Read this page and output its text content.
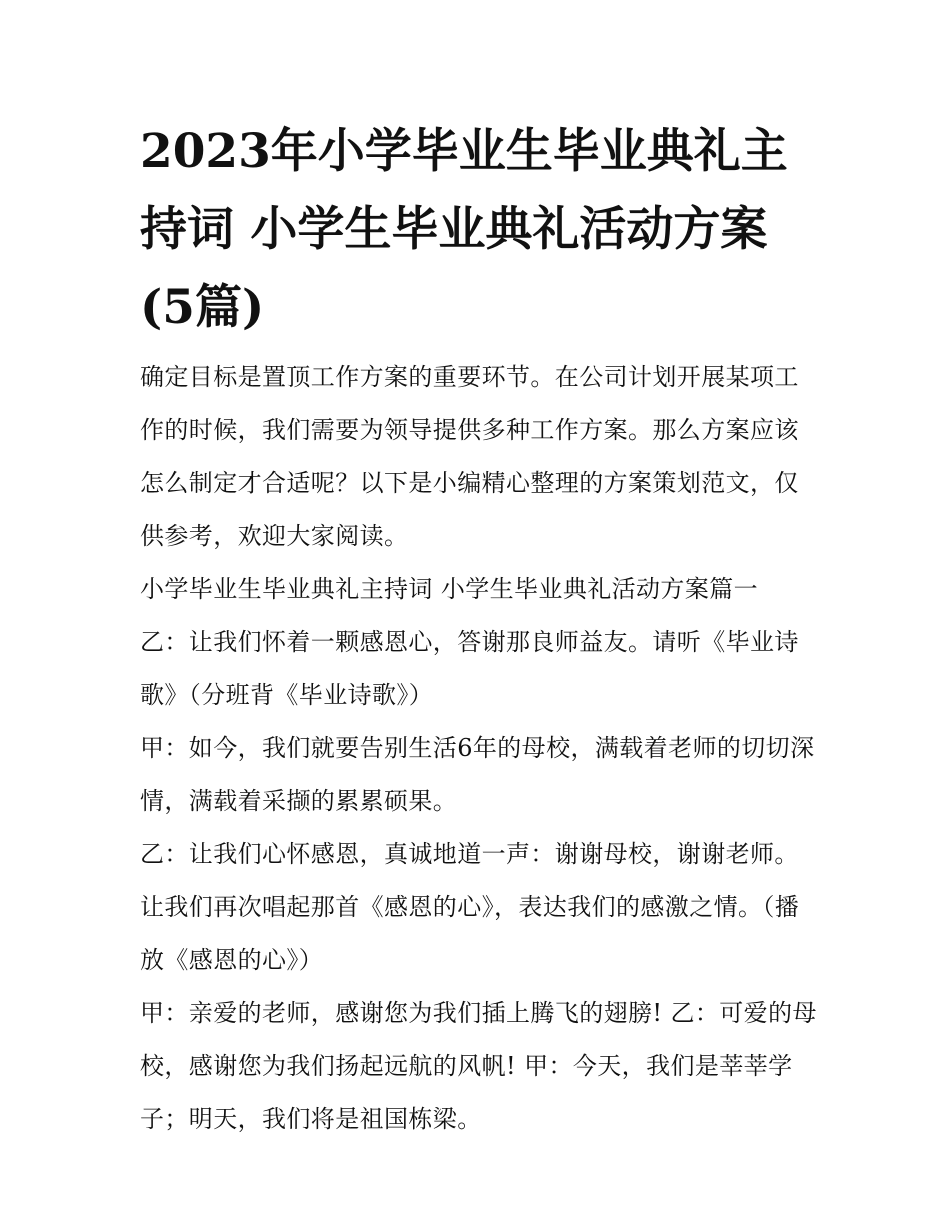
2023年小学毕业生毕业典礼主持词 小学生毕业典礼活动方案(5篇)

确定目标是置顶工作方案的重要环节。在公司计划开展某项工作的时候，我们需要为领导提供多种工作方案。那么方案应该怎么制定才合适呢？以下是小编精心整理的方案策划范文，仅供参考，欢迎大家阅读。

小学毕业生毕业典礼主持词 小学生毕业典礼活动方案篇一

乙：让我们怀着一颗感恩心，答谢那良师益友。请听《毕业诗歌》（分班背《毕业诗歌》）

甲：如今，我们就要告别生活6年的母校，满载着老师的切切深情，满载着采撷的累累硕果。

乙：让我们心怀感恩，真诚地道一声：谢谢母校，谢谢老师。让我们再次唱起那首《感恩的心》，表达我们的感激之情。（播放《感恩的心》）

甲：亲爱的老师，感谢您为我们插上腾飞的翅膀! 乙：可爱的母校，感谢您为我们扬起远航的风帆! 甲：今天，我们是莘莘学子；明天，我们将是祖国栋梁。
